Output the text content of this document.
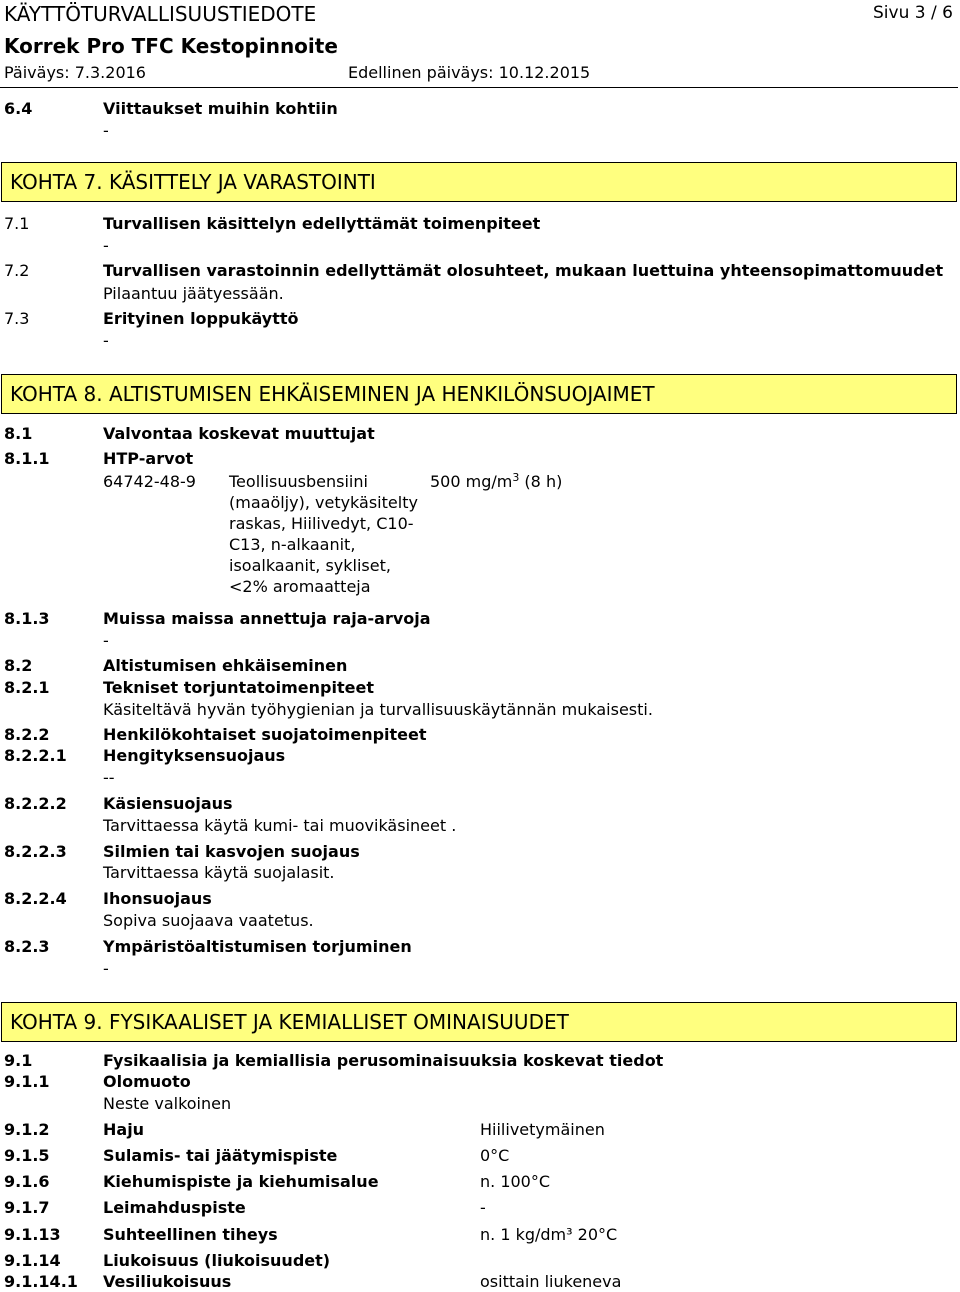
KÄYTTÖTURVALLISUUSTIEDOTE	Sivu 3 / 6
Korrek Pro TFC Kestopinnoite
Päiväys: 7.3.2016	Edellinen päiväys: 10.12.2015
6.4	Viittaukset muihin kohtiin
-
KOHTA 7. KÄSITTELY JA VARASTOINTI
7.1	Turvallisen käsittelyn edellyttämät toimenpiteet
-
7.2	Turvallisen varastoinnin edellyttämät olosuhteet, mukaan luettuina yhteensopimattomuudet
Pilaantuu jäätyessään.
7.3	Erityinen loppukäyttö
-
KOHTA 8. ALTISTUMISEN EHKÄISEMINEN JA HENKILÖNSUOJAIMET
8.1	Valvontaa koskevat muuttujat
8.1.1	HTP-arvot
64742-48-9 Teollisuusbensiini
(maaöljy), vetykäsitelty
raskas, Hiilivedyt, C10-
C13, n-alkaanit,
isoalkaanit, sykliset,
<2% aromaatteja
500 $mg/m^3$ (8 h)
8.1.3	Muissa maissa annettuja raja-arvoja
-
8.2	Altistumisen ehkäiseminen
8.2.1	Tekniset torjuntatoimenpiteet
Käsiteltävä hyvän työhygienian ja turvallisuuskäytännän mukaisesti.
8.2.2	Henkilökohtaiset suojatoimenpiteet
8.2.2.1 Hengityksensuojaus
--
8.2.2.2 Käsiensuojaus
Tarvittaessa käytä kumi- tai muovikäsineet .
8.2.2.3 Silmien tai kasvojen suojaus
Tarvittaessa käytä suojalasit.
8.2.2.4 Ihonsuojaus
Sopiva suojaava vaatetus.
8.2.3	Ympäristöaltistumisen torjuminen
-
KOHTA 9. FYSIKAALISET JA KEMIALLISET OMINAISUUDET
9.1	Fysikaalisia ja kemiallisia perusominaisuuksia koskevat tiedot
9.1.1	Olomuoto
Neste valkoinen
9.1.2	Haju	Hiilivetymäinen
9.1.5	Sulamis- tai jäätymispiste	0°C
9.1.6	Kiehumispiste ja kiehumisalue	n. 100°C
9.1.7	Leimahduspiste	-
9.1.13	Suhteellinen tiheys	n. 1 kg/dm³ 20°C
9.1.14	Liukoisuus (liukoisuudet)
9.1.14.1 Vesiliukoisuus	osittain liukeneva
